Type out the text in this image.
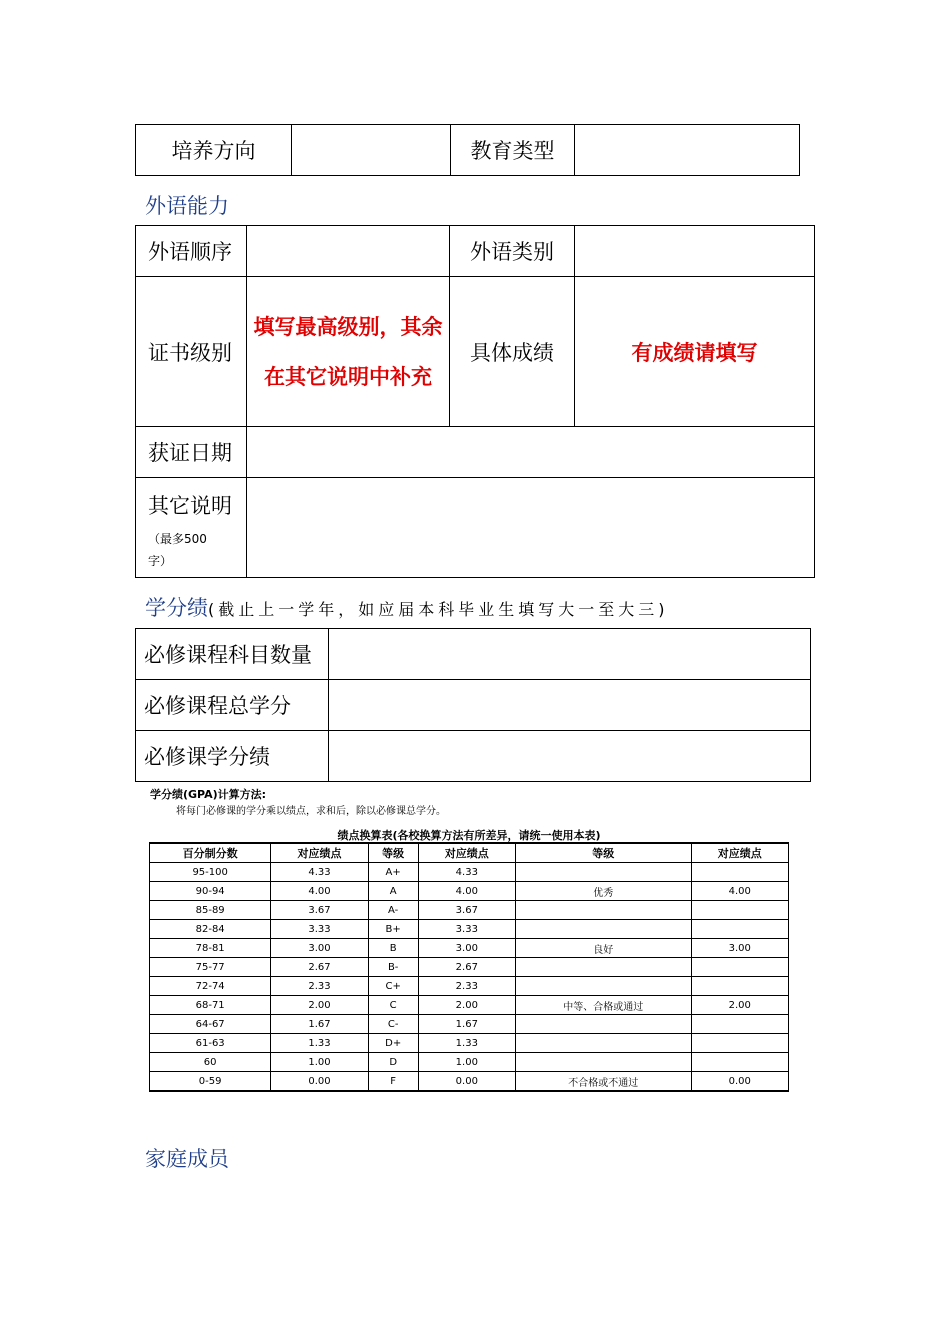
培养方向		教育类型	
外语能力
外语顺序		外语类别	
证书级别	填写最高级别，其余在其它说明中补充	具体成绩	有成绩请填写
获证日期			

其它说明
（最多500字）			

学分绩(截止上一学年，如应届本科毕业生填写大一至大三)
必修课程科目数量	
必修课程总学分	
必修课学分绩	
学分绩(GPA)计算方法:
将每门必修课的学分乘以绩点，求和后，除以必修课总学分。
绩点换算表(各校换算方法有所差异，请统一使用本表)
百分制分数	对应绩点	等级	对应绩点	等级	对应绩点
95-100	4.33	A+	4.33		
90-94	4.00	A	4.00	优秀	4.00
85-89	3.67	A-	3.67		
82-84	3.33	B+	3.33		
78-81	3.00	B	3.00	良好	3.00
75-77	2.67	B-	2.67		
72-74	2.33	C+	2.33		
68-71	2.00	C	2.00	中等、合格或通过	2.00
64-67	1.67	C-	1.67		
61-63	1.33	D+	1.33		
60	1.00	D	1.00		
0-59	0.00	F	0.00	不合格或不通过	0.00
家庭成员
